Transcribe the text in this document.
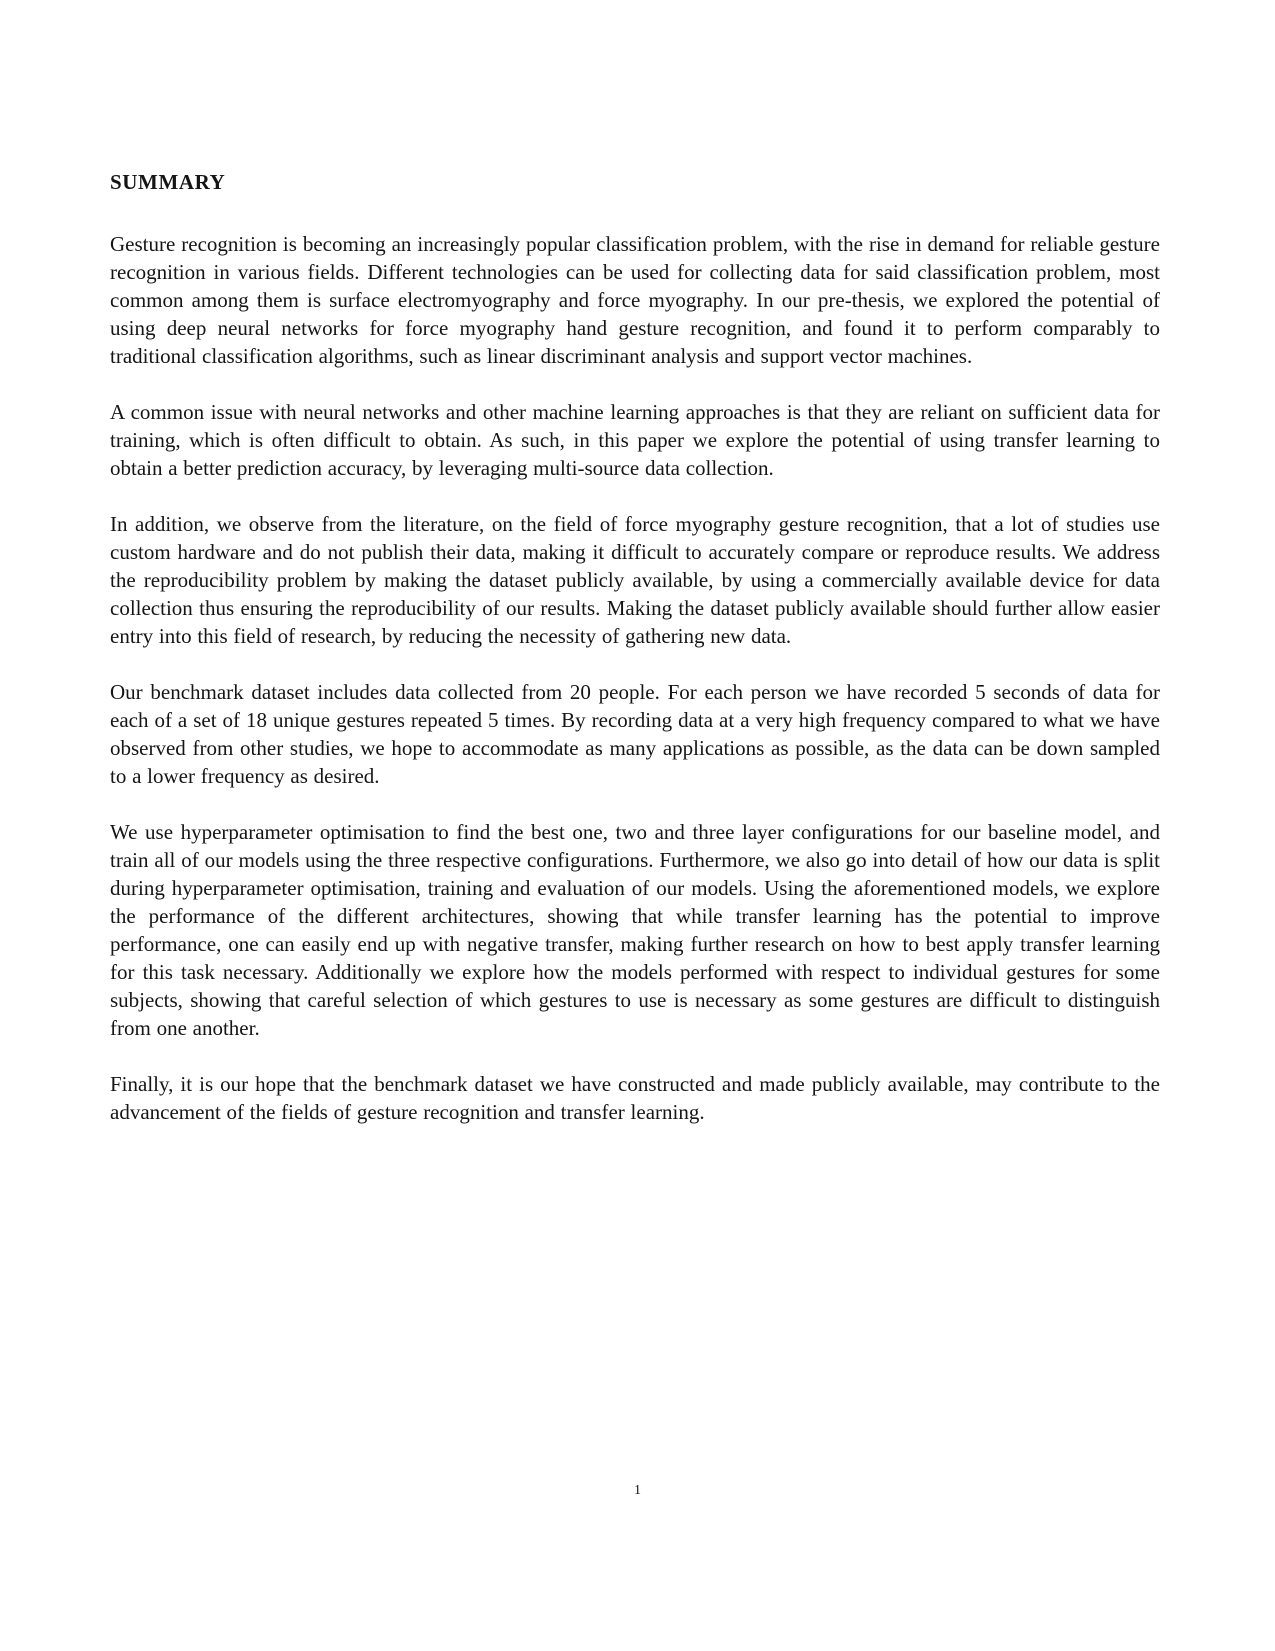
SUMMARY

Gesture recognition is becoming an increasingly popular classification problem, with the rise in demand for reliable gesture recognition in various fields. Different technologies can be used for collecting data for said classification problem, most common among them is surface electromyography and force myography. In our pre-thesis, we explored the potential of using deep neural networks for force myography hand gesture recognition, and found it to perform comparably to traditional classification algorithms, such as linear discriminant analysis and support vector machines.

A common issue with neural networks and other machine learning approaches is that they are reliant on sufficient data for training, which is often difficult to obtain. As such, in this paper we explore the potential of using transfer learning to obtain a better prediction accuracy, by leveraging multi-source data collection.

In addition, we observe from the literature, on the field of force myography gesture recognition, that a lot of studies use custom hardware and do not publish their data, making it difficult to accurately compare or reproduce results. We address the reproducibility problem by making the dataset publicly available, by using a commercially available device for data collection thus ensuring the reproducibility of our results. Making the dataset publicly available should further allow easier entry into this field of research, by reducing the necessity of gathering new data.

Our benchmark dataset includes data collected from 20 people. For each person we have recorded 5 seconds of data for each of a set of 18 unique gestures repeated 5 times. By recording data at a very high frequency compared to what we have observed from other studies, we hope to accommodate as many applications as possible, as the data can be down sampled to a lower frequency as desired.

We use hyperparameter optimisation to find the best one, two and three layer configurations for our baseline model, and train all of our models using the three respective configurations. Furthermore, we also go into detail of how our data is split during hyperparameter optimisation, training and evaluation of our models. Using the aforementioned models, we explore the performance of the different architectures, showing that while transfer learning has the potential to improve performance, one can easily end up with negative transfer, making further research on how to best apply transfer learning for this task necessary. Additionally we explore how the models performed with respect to individual gestures for some subjects, showing that careful selection of which gestures to use is necessary as some gestures are difficult to distinguish from one another.

Finally, it is our hope that the benchmark dataset we have constructed and made publicly available, may contribute to the advancement of the fields of gesture recognition and transfer learning.

1
